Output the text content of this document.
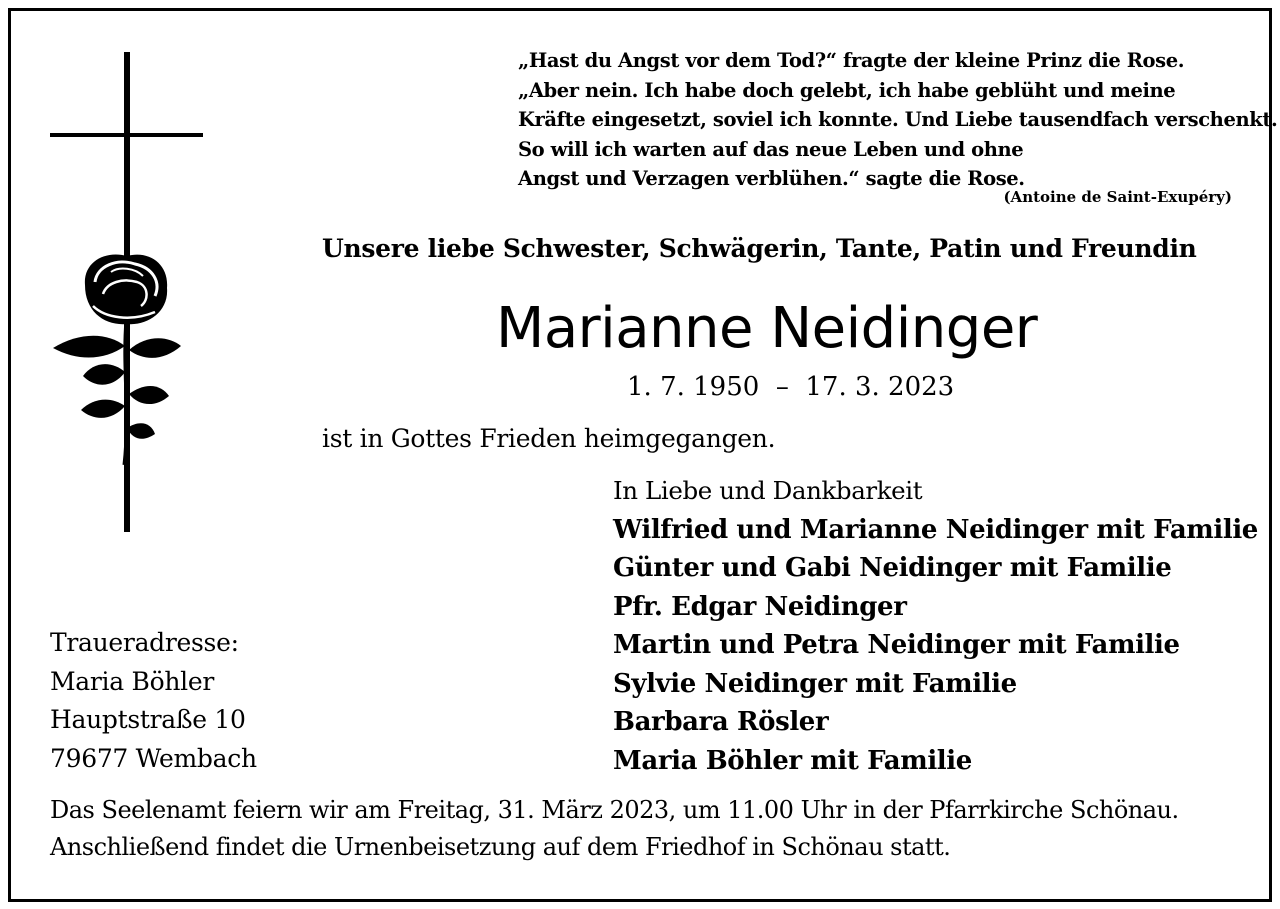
„Hast du Angst vor dem Tod?“ fragte der kleine Prinz die Rose.
„Aber nein. Ich habe doch gelebt, ich habe geblüht und meine
Kräfte eingesetzt, soviel ich konnte. Und Liebe tausendfach verschenkt.
So will ich warten auf das neue Leben und ohne
Angst und Verzagen verblühen.“ sagte die Rose.
(Antoine de Saint-Exupéry)
Unsere liebe Schwester, Schwägerin, Tante, Patin und Freundin
Marianne Neidinger
1. 7. 1950  –  17. 3. 2023
ist in Gottes Frieden heimgegangen.
In Liebe und Dankbarkeit
Wilfried und Marianne Neidinger mit Familie
Günter und Gabi Neidinger mit Familie
Pfr. Edgar Neidinger
Martin und Petra Neidinger mit Familie
Sylvie Neidinger mit Familie
Barbara Rösler
Maria Böhler mit Familie
Traueradresse:
Maria Böhler
Hauptstraße 10
79677 Wembach
Das Seelenamt feiern wir am Freitag, 31. März 2023, um 11.00 Uhr in der Pfarrkirche Schönau.
Anschließend findet die Urnenbeisetzung auf dem Friedhof in Schönau statt.
